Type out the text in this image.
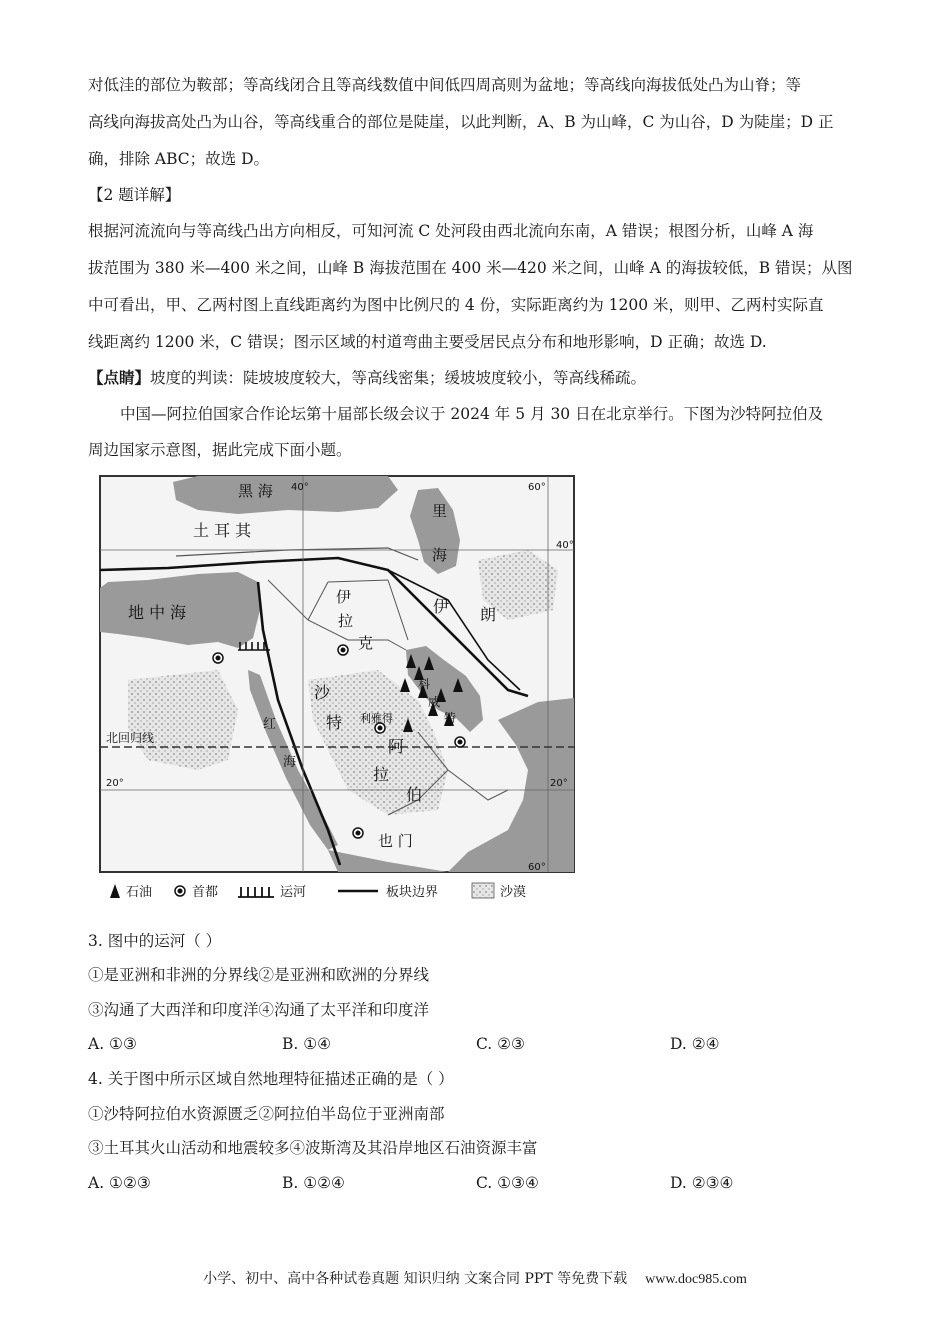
对低洼的部位为鞍部；等高线闭合且等高线数值中间低四周高则为盆地；等高线向海拔低处凸为山脊；等
高线向海拔高处凸为山谷，等高线重合的部位是陡崖，以此判断，A、B 为山峰，C 为山谷，D 为陡崖；D 正
确，排除 ABC；故选 D。
【2 题详解】
根据河流流向与等高线凸出方向相反，可知河流 C 处河段由西北流向东南，A 错误；根图分析，山峰 A 海
拔范围为 380 米—400 米之间，山峰 B 海拔范围在 400 米—420 米之间，山峰 A 的海拔较低，B 错误；从图
中可看出，甲、乙两村图上直线距离约为图中比例尺的 4 份，实际距离约为 1200 米，则甲、乙两村实际直
线距离约 1200 米，C 错误；图示区域的村道弯曲主要受居民点分布和地形影响，D 正确；故选 D.
【点睛】坡度的判读：陡坡坡度较大，等高线密集；缓坡坡度较小，等高线稀疏。
中国—阿拉伯国家合作论坛第十届部长级会议于 2024 年 5 月 30 日在北京举行。下图为沙特阿拉伯及
周边国家示意图，据此完成下面小题。
黑 海
土 耳 其
里
海
地 中 海
伊
拉
克
伊 朗
沙
特 利雅得
阿
拉
伯
科
威
特
红
海
也 门
北回归线
40°	60°
60°
40°
20°	20°
石油	首都	运河	板块边界	沙漠
3. 图中的运河（ ）
①是亚洲和非洲的分界线②是亚洲和欧洲的分界线
③沟通了大西洋和印度洋④沟通了太平洋和印度洋
A. ①③	B. ①④	C. ②③	D. ②④
4. 关于图中所示区域自然地理特征描述正确的是（ ）
①沙特阿拉伯水资源匮乏②阿拉伯半岛位于亚洲南部
③土耳其火山活动和地震较多④波斯湾及其沿岸地区石油资源丰富
A. ①②③	B. ①②④	C. ①③④	D. ②③④
小学、初中、高中各种试卷真题 知识归纳 文案合同 PPT 等免费下载 www.doc985.com
